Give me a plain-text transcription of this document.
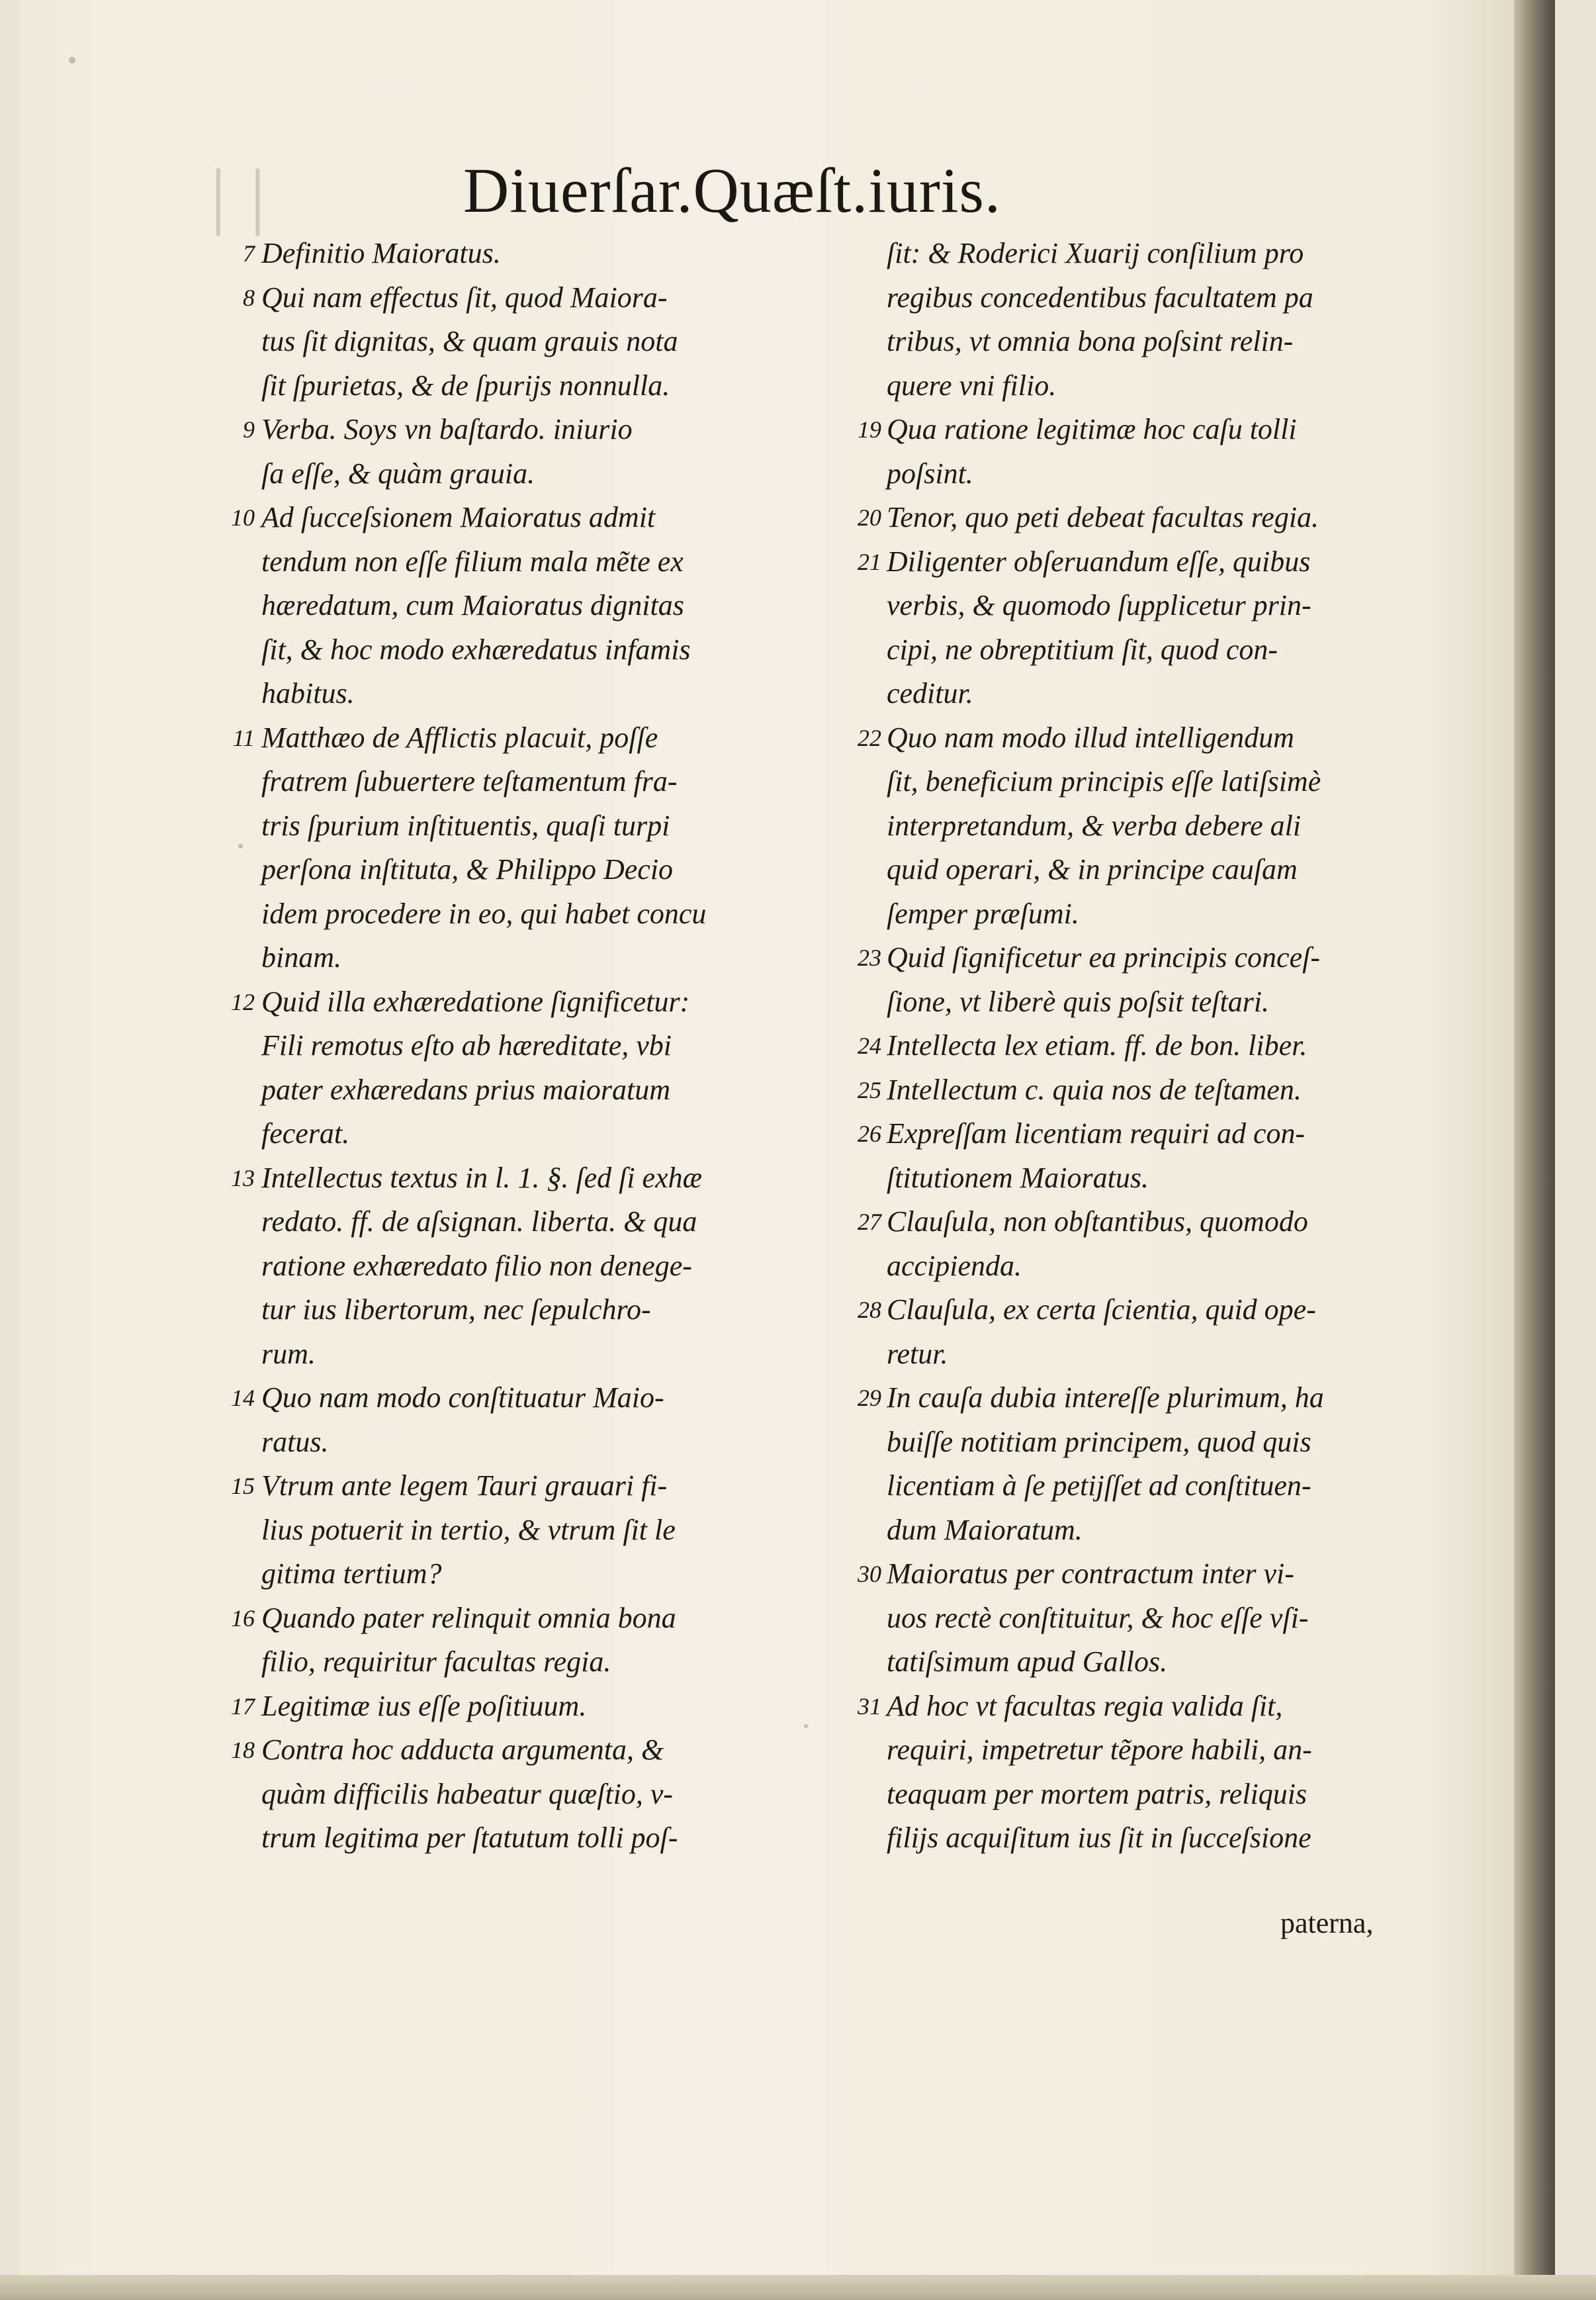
││	Diuerſar.Quæſt.iuris.
7 Definitio Maioratus.
8 Qui nam effectus ſit, quod Maiora-
tus ſit dignitas, & quam grauis nota
ſit ſpurietas, & de ſpurijs nonnulla.
9 Verba. Soys vn baſtardo. iniurio
ſa eſſe, & quàm grauia.
10 Ad ſucceſsionem Maioratus admit
tendum non eſſe filium mala mẽte ex
hæredatum, cum Maioratus dignitas
ſit, & hoc modo exhæredatus infamis
habitus.
11 Matthæo de Afflictis placuit, poſſe
fratrem ſubuertere teſtamentum fra-
tris ſpurium inſtituentis, quaſi turpi
perſona inſtituta, & Philippo Decio
idem procedere in eo, qui habet concu
binam.
12 Quid illa exhæredatione ſignificetur:
Fili remotus eſto ab hæreditate, vbi
pater exhæredans prius maioratum
fecerat.
13 Intellectus textus in l. 1. §. ſed ſi exhæ
redato. ff. de aſsignan. liberta. & qua
ratione exhæredato filio non denege-
tur ius libertorum, nec ſepulchro-
rum.
14 Quo nam modo conſtituatur Maio-
ratus.
15 Vtrum ante legem Tauri grauari fi-
lius potuerit in tertio, & vtrum ſit le
gitima tertium?
16 Quando pater relinquit omnia bona
filio, requiritur facultas regia.
17 Legitimæ ius eſſe poſitiuum.
18 Contra hoc adducta argumenta, &
quàm difficilis habeatur quæſtio, v-
trum legitima per ſtatutum tolli poſ-
ſit: & Roderici Xuarij conſilium pro
regibus concedentibus facultatem pa
tribus, vt omnia bona poſsint relin-
quere vni filio.
19 Qua ratione legitimæ hoc caſu tolli
poſsint.
20 Tenor, quo peti debeat facultas regia.
21 Diligenter obſeruandum eſſe, quibus
verbis, & quomodo ſupplicetur prin-
cipi, ne obreptitium ſit, quod con-
ceditur.
22 Quo nam modo illud intelligendum
ſit, beneficium principis eſſe latiſsimè
interpretandum, & verba debere ali
quid operari, & in principe cauſam
ſemper præſumi.
23 Quid ſignificetur ea principis conceſ-
ſione, vt liberè quis poſsit teſtari.
24 Intellecta lex etiam. ff. de bon. liber.
25 Intellectum c. quia nos de teſtamen.
26 Expreſſam licentiam requiri ad con-
ſtitutionem Maioratus.
27 Clauſula, non obſtantibus, quomodo
accipienda.
28 Clauſula, ex certa ſcientia, quid ope-
retur.
29 In cauſa dubia intereſſe plurimum, ha
buiſſe notitiam principem, quod quis
licentiam à ſe petijſſet ad conſtituen-
dum Maioratum.
30 Maioratus per contractum inter vi-
uos rectè conſtituitur, & hoc eſſe vſi-
tatiſsimum apud Gallos.
31 Ad hoc vt facultas regia valida ſit,
requiri, impetretur tẽpore habili, an-
teaquam per mortem patris, reliquis
filijs acquiſitum ius ſit in ſucceſsione
paterna,
